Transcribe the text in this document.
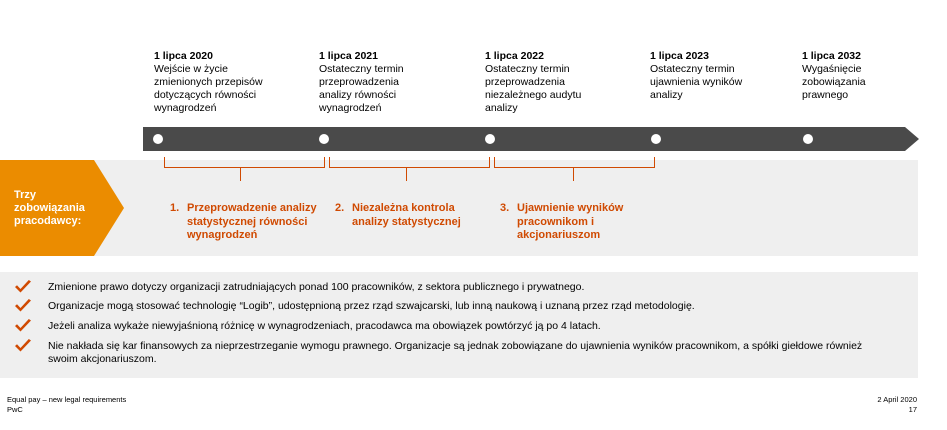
1 lipca 2020
Wejście w życie zmienionych przepisów dotyczących równości wynagrodzeń
1 lipca 2021
Ostateczny termin przeprowadzenia analizy równości wynagrodzeń
1 lipca 2022
Ostateczny termin przeprowadzenia niezależnego audytu analizy
1 lipca 2023
Ostateczny termin ujawnienia wyników analizy
1 lipca 2032
Wygaśnięcie zobowiązania prawnego
Trzy zobowiązania pracodawcy:
1. Przeprowadzenie analizy statystycznej równości wynagrodzeń
2. Niezależna kontrola analizy statystycznej
3. Ujawnienie wyników pracownikom i akcjonariuszom
Zmienione prawo dotyczy organizacji zatrudniających ponad 100 pracowników, z sektora publicznego i prywatnego.
Organizacje mogą stosować technologię “Logib”, udostępnioną przez rząd szwajcarski, lub inną naukową i uznaną przez rząd metodologię.
Jeżeli analiza wykaże niewyjaśnioną różnicę w wynagrodzeniach, pracodawca ma obowiązek powtórzyć ją po 4 latach.
Nie nakłada się kar finansowych za nieprzestrzeganie wymogu prawnego. Organizacje są jednak zobowiązane do ujawnienia wyników pracownikom, a spółki giełdowe również swoim akcjonariuszom.
Equal pay – new legal requirements
PwC
2 April 2020
17
